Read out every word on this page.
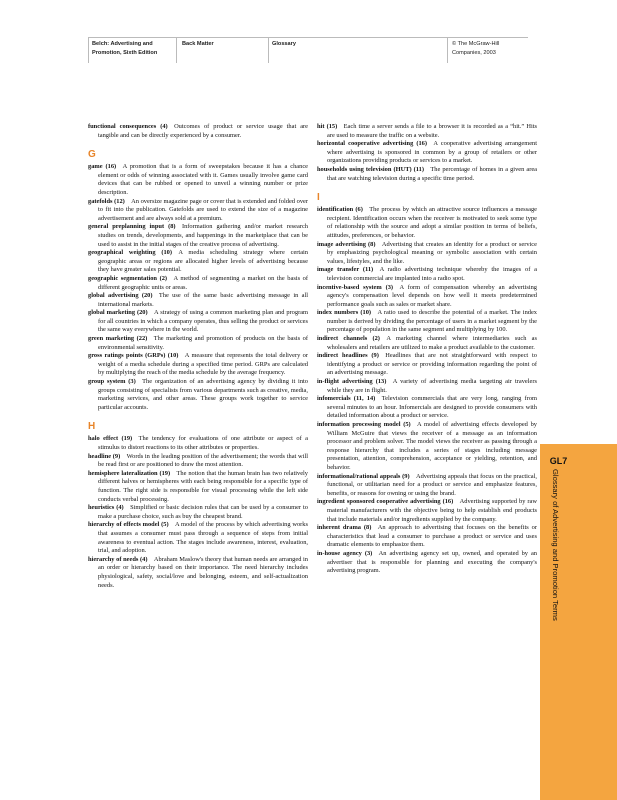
Belch: Advertising and Promotion, Sixth Edition
Back Matter	Glossary	© The McGraw-Hill Companies, 2003

functional consequences (4)  Outcomes of product or service usage that are tangible and can be directly experienced by a consumer.

G

game (16)  A promotion that is a form of sweepstakes because it has a chance element or odds of winning associated with it. Games usually involve game card devices that can be rubbed or opened to unveil a winning number or prize description.

gatefolds (12)  An oversize magazine page or cover that is extended and folded over to fit into the publication. Gatefolds are used to extend the size of a magazine advertisement and are always sold at a premium.

general preplanning input (8)  Information gathering and/or market research studies on trends, developments, and happenings in the marketplace that can be used to assist in the initial stages of the creative process of advertising.

geographical weighting (10)  A media scheduling strategy where certain geographic areas or regions are allocated higher levels of advertising because they have greater sales potential.

geographic segmentation (2)  A method of segmenting a market on the basis of different geographic units or areas.

global advertising (20)  The use of the same basic advertising message in all international markets.

global marketing (20)  A strategy of using a common marketing plan and program for all countries in which a company operates, thus selling the product or services the same way everywhere in the world.

green marketing (22)  The marketing and promotion of products on the basis of environmental sensitivity.

gross ratings points (GRPs) (10)  A measure that represents the total delivery or weight of a media schedule during a specified time period. GRPs are calculated by multiplying the reach of the media schedule by the average frequency.

group system (3)  The organization of an advertising agency by dividing it into groups consisting of specialists from various departments such as creative, media, marketing services, and other areas. These groups work together to service particular accounts.

H

halo effect (19)  The tendency for evaluations of one attribute or aspect of a stimulus to distort reactions to its other attributes or properties.

headline (9)  Words in the leading position of the advertisement; the words that will be read first or are positioned to draw the most attention.

hemisphere lateralization (19)  The notion that the human brain has two relatively different halves or hemispheres with each being responsible for a specific type of function. The right side is responsible for visual processing while the left side conducts verbal processing.

heuristics (4)  Simplified or basic decision rules that can be used by a consumer to make a purchase choice, such as buy the cheapest brand.

hierarchy of effects model (5)  A model of the process by which advertising works that assumes a consumer must pass through a sequence of steps from initial awareness to eventual action. The stages include awareness, interest, evaluation, trial, and adoption.

hierarchy of needs (4)  Abraham Maslow's theory that human needs are arranged in an order or hierarchy based on their importance. The need hierarchy includes physiological, safety, social/love and belonging, esteem, and self-actualization needs.

hit (15)  Each time a server sends a file to a browser it is recorded as a “hit.” Hits are used to measure the traffic on a website.

horizontal cooperative advertising (16)  A cooperative advertising arrangement where advertising is sponsored in common by a group of retailers or other organizations providing products or services to a market.

households using television (HUT) (11)  The percentage of homes in a given area that are watching television during a specific time period.

I

identification (6)  The process by which an attractive source influences a message recipient. Identification occurs when the receiver is motivated to seek some type of relationship with the source and adopt a similar position in terms of beliefs, attitudes, preferences, or behavior.

image advertising (8)  Advertising that creates an identity for a product or service by emphasizing psychological meaning or symbolic association with certain values, lifestyles, and the like.

image transfer (11)  A radio advertising technique whereby the images of a television commercial are implanted into a radio spot.

incentive-based system (3)  A form of compensation whereby an advertising agency's compensation level depends on how well it meets predetermined performance goals such as sales or market share.

index numbers (10)  A ratio used to describe the potential of a market. The index number is derived by dividing the percentage of users in a market segment by the percentage of population in the same segment and multiplying by 100.

indirect channels (2)  A marketing channel where intermediaries such as wholesalers and retailers are utilized to make a product available to the customer.

indirect headlines (9)  Headlines that are not straightforward with respect to identifying a product or service or providing information regarding the point of an advertising message.

in-flight advertising (13)  A variety of advertising media targeting air travelers while they are in flight.

infomercials (11, 14)  Television commercials that are very long, ranging from several minutes to an hour. Infomercials are designed to provide consumers with detailed information about a product or service.

information processing model (5)  A model of advertising effects developed by William McGuire that views the receiver of a message as an information processor and problem solver. The model views the receiver as passing through a response hierarchy that includes a series of stages including message presentation, attention, comprehension, acceptance or yielding, retention, and behavior.

informational/rational appeals (9)  Advertising appeals that focus on the practical, functional, or utilitarian need for a product or service and emphasize features, benefits, or reasons for owning or using the brand.

ingredient sponsored cooperative advertising (16)  Advertising supported by raw material manufacturers with the objective being to help establish end products that include materials and/or ingredients supplied by the company.

inherent drama (8)  An approach to advertising that focuses on the benefits or characteristics that lead a consumer to purchase a product or service and uses dramatic elements to emphasize them.

in-house agency (3)  An advertising agency set up, owned, and operated by an advertiser that is responsible for planning and executing the company's advertising program.

GL7
Glossary of Advertising and Promotion Terms
